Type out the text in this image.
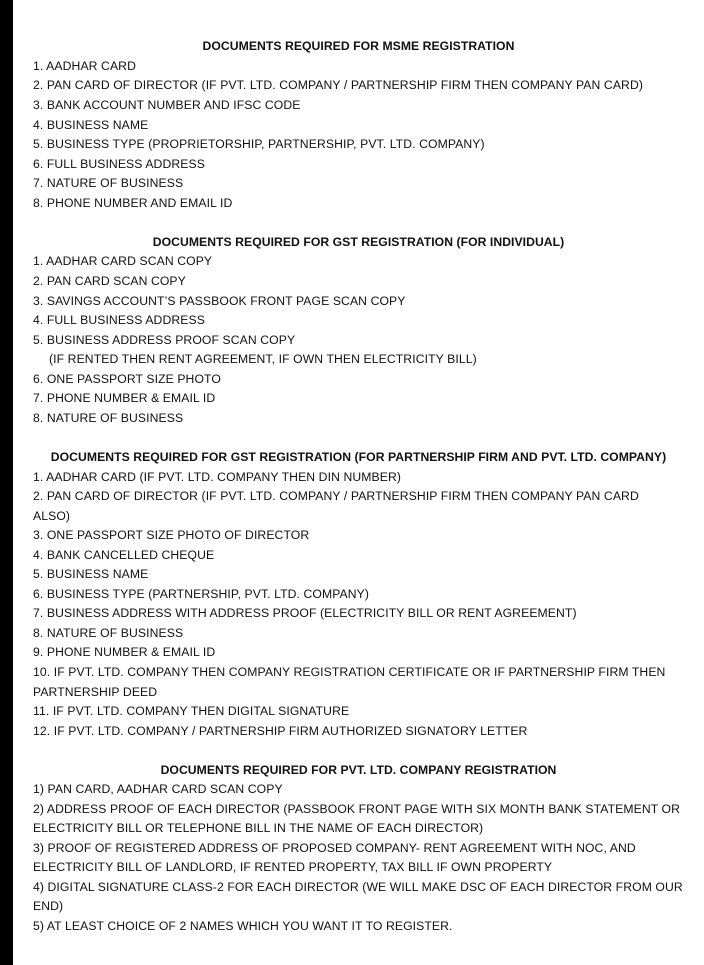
DOCUMENTS REQUIRED FOR MSME REGISTRATION
1. AADHAR CARD
2. PAN CARD OF DIRECTOR (IF PVT. LTD. COMPANY / PARTNERSHIP FIRM THEN COMPANY PAN CARD)
3. BANK ACCOUNT NUMBER AND IFSC CODE
4. BUSINESS NAME
5. BUSINESS TYPE (PROPRIETORSHIP, PARTNERSHIP, PVT. LTD. COMPANY)
6. FULL BUSINESS ADDRESS
7. NATURE OF BUSINESS
8. PHONE NUMBER AND EMAIL ID
DOCUMENTS REQUIRED FOR GST REGISTRATION (FOR INDIVIDUAL)
1. AADHAR CARD SCAN COPY
2. PAN CARD SCAN COPY
3. SAVINGS ACCOUNT’S PASSBOOK FRONT PAGE SCAN COPY
4. FULL BUSINESS ADDRESS
5. BUSINESS ADDRESS PROOF SCAN COPY
(IF RENTED THEN RENT AGREEMENT, IF OWN THEN ELECTRICITY BILL)
6. ONE PASSPORT SIZE PHOTO
7. PHONE NUMBER & EMAIL ID
8. NATURE OF BUSINESS
DOCUMENTS REQUIRED FOR GST REGISTRATION (FOR PARTNERSHIP FIRM AND PVT. LTD. COMPANY)
1. AADHAR CARD (IF PVT. LTD. COMPANY THEN DIN NUMBER)
2. PAN CARD OF DIRECTOR (IF PVT. LTD. COMPANY / PARTNERSHIP FIRM THEN COMPANY PAN CARD
ALSO)
3. ONE PASSPORT SIZE PHOTO OF DIRECTOR
4. BANK CANCELLED CHEQUE
5. BUSINESS NAME
6. BUSINESS TYPE (PARTNERSHIP, PVT. LTD. COMPANY)
7. BUSINESS ADDRESS WITH ADDRESS PROOF (ELECTRICITY BILL OR RENT AGREEMENT)
8. NATURE OF BUSINESS
9. PHONE NUMBER & EMAIL ID
10. IF PVT. LTD. COMPANY THEN COMPANY REGISTRATION CERTIFICATE OR IF PARTNERSHIP FIRM THEN
PARTNERSHIP DEED
11. IF PVT. LTD. COMPANY THEN DIGITAL SIGNATURE
12. IF PVT. LTD. COMPANY / PARTNERSHIP FIRM AUTHORIZED SIGNATORY LETTER
DOCUMENTS REQUIRED FOR PVT. LTD. COMPANY REGISTRATION
1) PAN CARD, AADHAR CARD SCAN COPY
2) ADDRESS PROOF OF EACH DIRECTOR (PASSBOOK FRONT PAGE WITH SIX MONTH BANK STATEMENT OR
ELECTRICITY BILL OR TELEPHONE BILL IN THE NAME OF EACH DIRECTOR)
3) PROOF OF REGISTERED ADDRESS OF PROPOSED COMPANY- RENT AGREEMENT WITH NOC, AND
ELECTRICITY BILL OF LANDLORD, IF RENTED PROPERTY, TAX BILL IF OWN PROPERTY
4) DIGITAL SIGNATURE CLASS-2 FOR EACH DIRECTOR (WE WILL MAKE DSC OF EACH DIRECTOR FROM OUR
END)
5) AT LEAST CHOICE OF 2 NAMES WHICH YOU WANT IT TO REGISTER.
